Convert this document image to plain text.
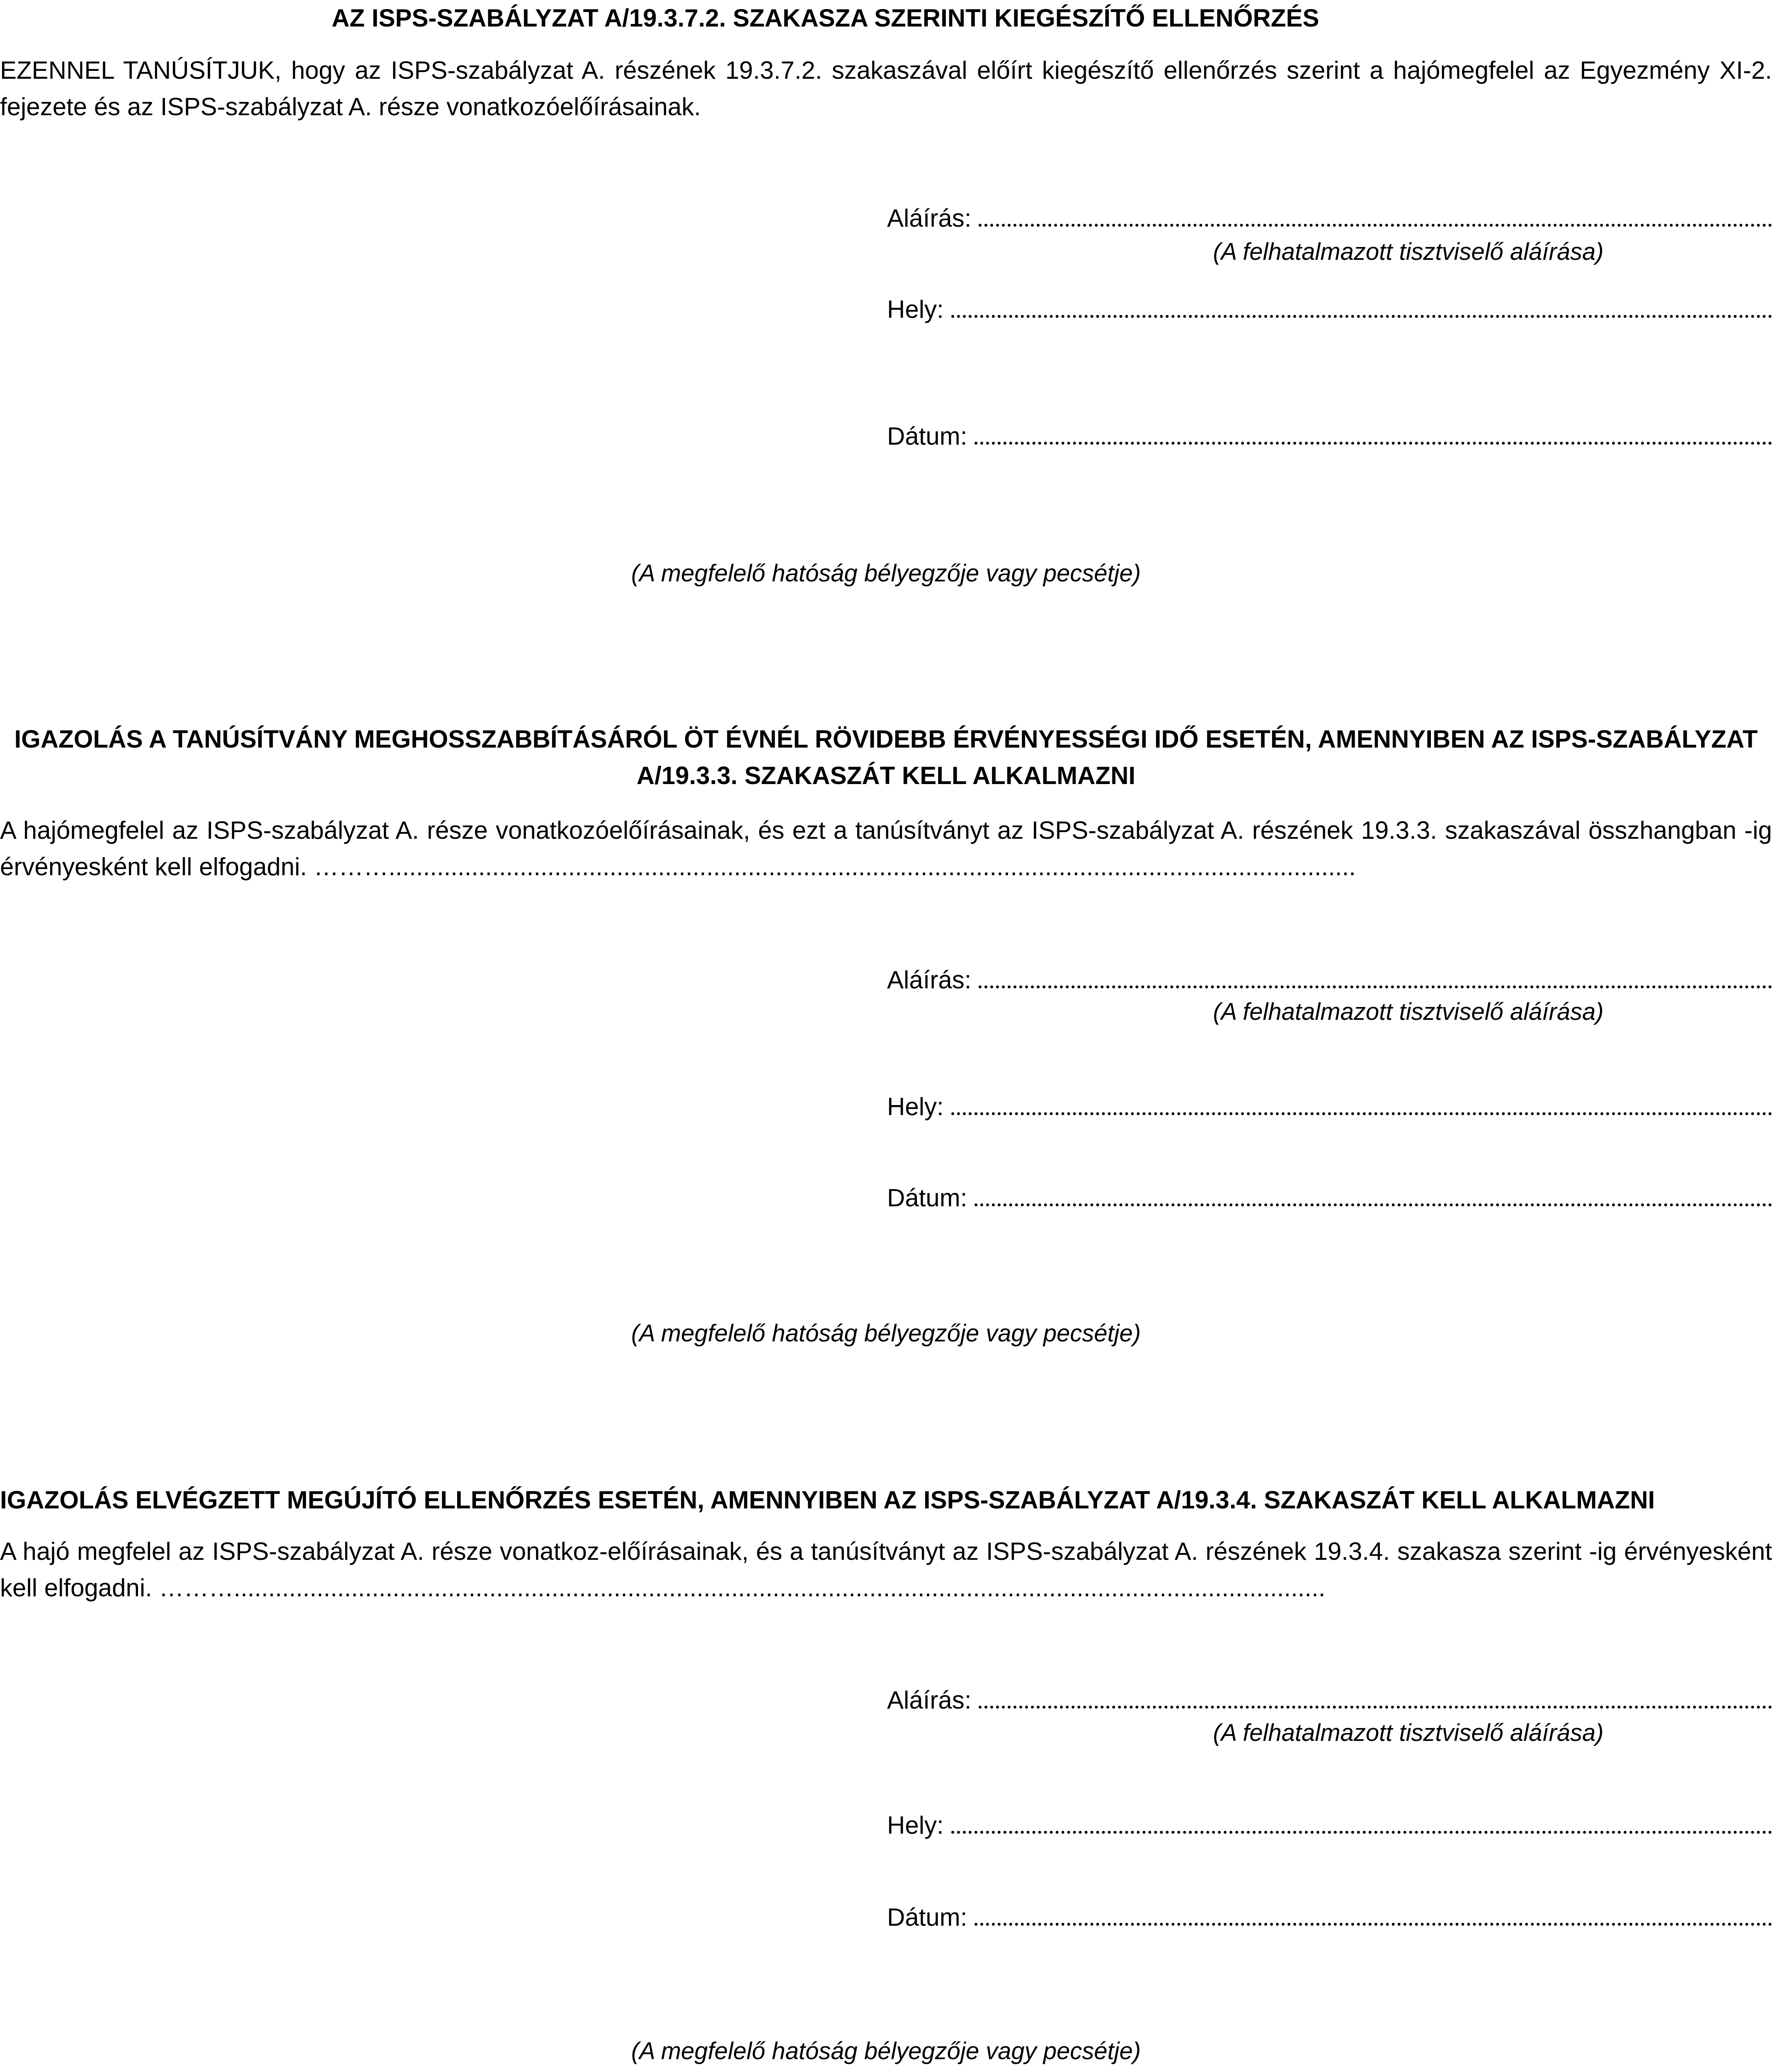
AZ ISPS-SZABÁLYZAT A/19.3.7.2. SZAKASZA SZERINTI KIEGÉSZÍTŐ ELLENŐRZÉS
EZENNEL TANÚSÍTJUK, hogy az ISPS-szabályzat A. részének 19.3.7.2. szakaszával előírt kiegészítő ellenőrzés szerint a hajómegfelel az Egyezmény XI-2. fejezete és az ISPS-szabályzat A. része vonatkozóelőírásainak.
Aláírás:
(A felhatalmazott tisztviselő aláírása)
Hely:
Dátum:
(A megfelelő hatóság bélyegzője vagy pecsétje)
IGAZOLÁS A TANÚSÍTVÁNY MEGHOSSZABBÍTÁSÁRÓL ÖT ÉVNÉL RÖVIDEBB ÉRVÉNYESSÉGI IDŐ ESETÉN, AMENNYIBEN AZ ISPS-SZABÁLYZAT A/19.3.3. SZAKASZÁT KELL ALKALMAZNI
A hajómegfelel az ISPS-szabályzat A. része vonatkozóelőírásainak, és ezt a tanúsítványt az ISPS-szabályzat A. részének 19.3.3. szakaszával összhangban -ig érvényesként kell elfogadni. ………............................................................................................................................................
Aláírás:
(A felhatalmazott tisztviselő aláírása)
Hely:
Dátum:
(A megfelelő hatóság bélyegzője vagy pecsétje)
IGAZOLÁS ELVÉGZETT MEGÚJÍTÓ ELLENŐRZÉS ESETÉN, AMENNYIBEN AZ ISPS-SZABÁLYZAT A/19.3.4. SZAKASZÁT KELL ALKALMAZNI
A hajó megfelel az ISPS-szabályzat A. része vonatkoz-előírásainak, és a tanúsítványt az ISPS-szabályzat A. részének 19.3.4. szakasza szerint -ig érvényesként kell elfogadni. ………..............................................................................................................................................................
Aláírás:
(A felhatalmazott tisztviselő aláírása)
Hely:
Dátum:
(A megfelelő hatóság bélyegzője vagy pecsétje)
